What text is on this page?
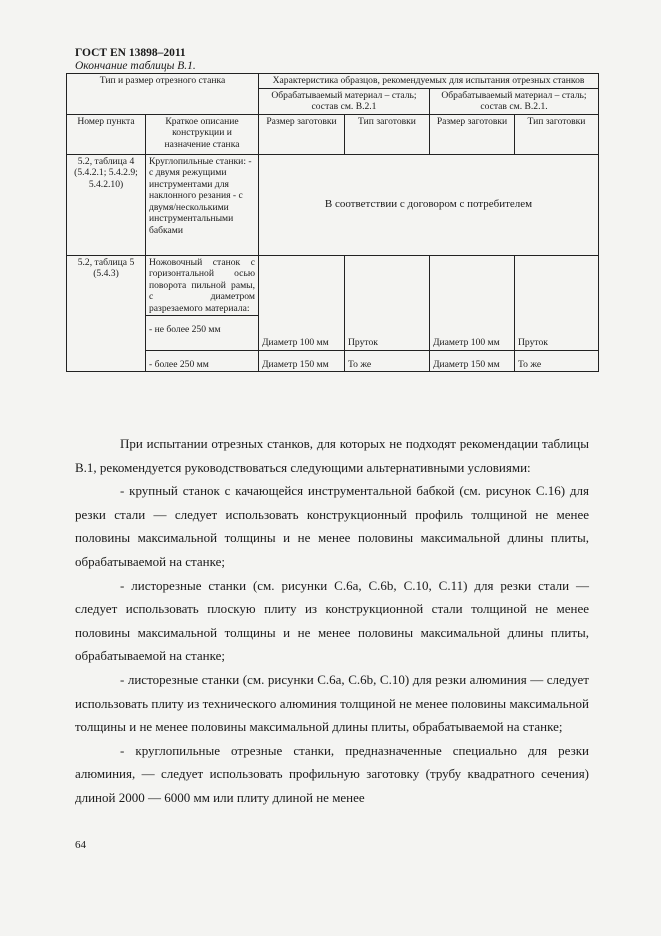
ГОСТ EN 13898–2011
Окончание таблицы В.1.
Тип и размер отрезного станка		Характеристика образцов, рекомендуемых для испытания отрезных станков			
		Обрабатываемый материал – сталь; состав см. B.2.1		Обрабатываемый материал – сталь; состав см. B.2.1.	
Номер пункта	Краткое описание конструкции и назначение станка	Размер заготовки	Тип заготовки	Размер заготовки	Тип заготовки
5.2, таблица 4 (5.4.2.1; 5.4.2.9; 5.4.2.10)	Круглопильные станки: - с двумя режущими инструментами для наклонного резания - с двумя/несколькими инструментальными бабками	В соответствии с договором с потребителем			
5.2, таблица 5 (5.4.3)	Ножовочный станок с горизонтальной осью поворота пильной рамы, с диаметром разрезаемого материала:	Диаметр 100 мм	Пруток	Диаметр 100 мм	Пруток
	- не более 250 мм				
	- более 250 мм	Диаметр 150 мм	То же	Диаметр 150 мм	То же

При испытании отрезных станков, для которых не подходят рекомендации таблицы В.1, рекомендуется руководствоваться следующими альтернативными условиями:

- крупный станок с качающейся инструментальной бабкой (см. рисунок С.16) для резки стали — следует использовать конструкционный профиль толщиной не менее половины максимальной толщины и не менее половины максимальной длины плиты, обрабатываемой на станке;

- листорезные станки (см. рисунки С.6a, С.6b, С.10, С.11) для резки стали — следует использовать плоскую плиту из конструкционной стали толщиной не менее половины максимальной толщины и не менее половины максимальной длины плиты, обрабатываемой на станке;

- листорезные станки (см. рисунки С.6a, С.6b, С.10) для резки алюминия — следует использовать плиту из технического алюминия толщиной не менее половины максимальной толщины и не менее половины максимальной длины плиты, обрабатываемой на станке;

- круглопильные отрезные станки, предназначенные специально для резки алюминия, — следует использовать профильную заготовку (трубу квадратного сечения) длиной 2000 — 6000 мм или плиту длиной не менее

64
